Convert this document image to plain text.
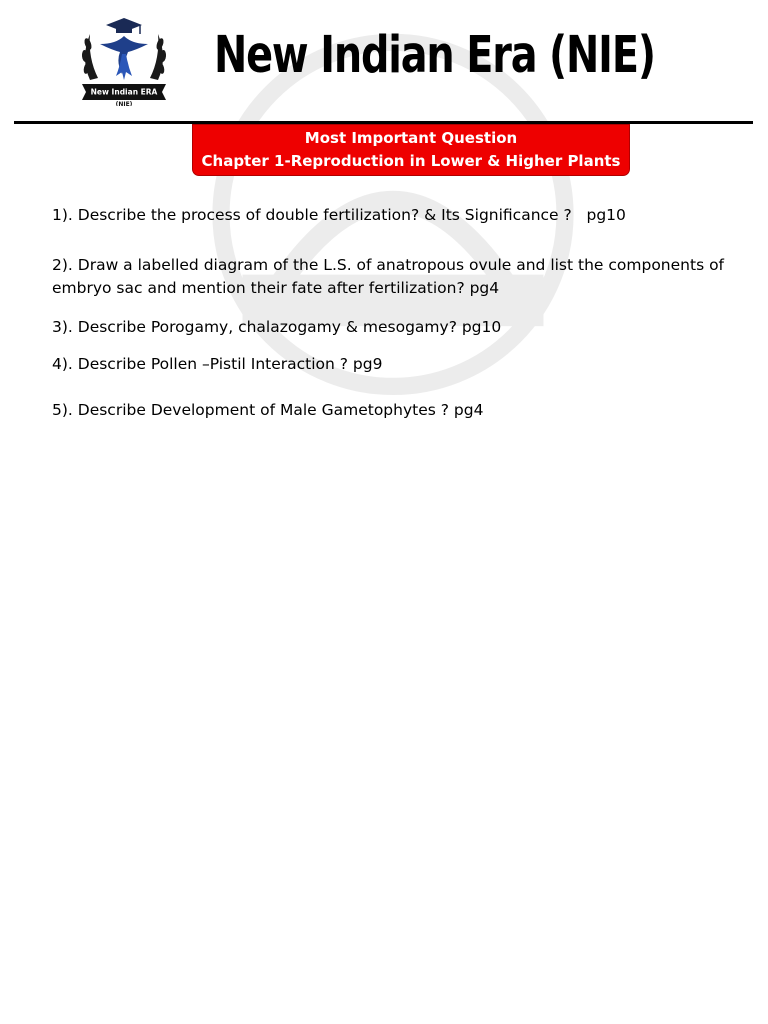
New Indian ERA
(NIE)
New Indian Era (NIE)
Most Important Question
Chapter 1-Reproduction in Lower & Higher Plants

1). Describe the process of double fertilization? & Its Significance ?   pg10

2). Draw a labelled diagram of the L.S. of anatropous ovule and list the components of embryo sac and mention their fate after fertilization? pg4

3). Describe Porogamy, chalazogamy & mesogamy? pg10

4). Describe Pollen –Pistil Interaction ? pg9

5). Describe Development of Male Gametophytes ? pg4
